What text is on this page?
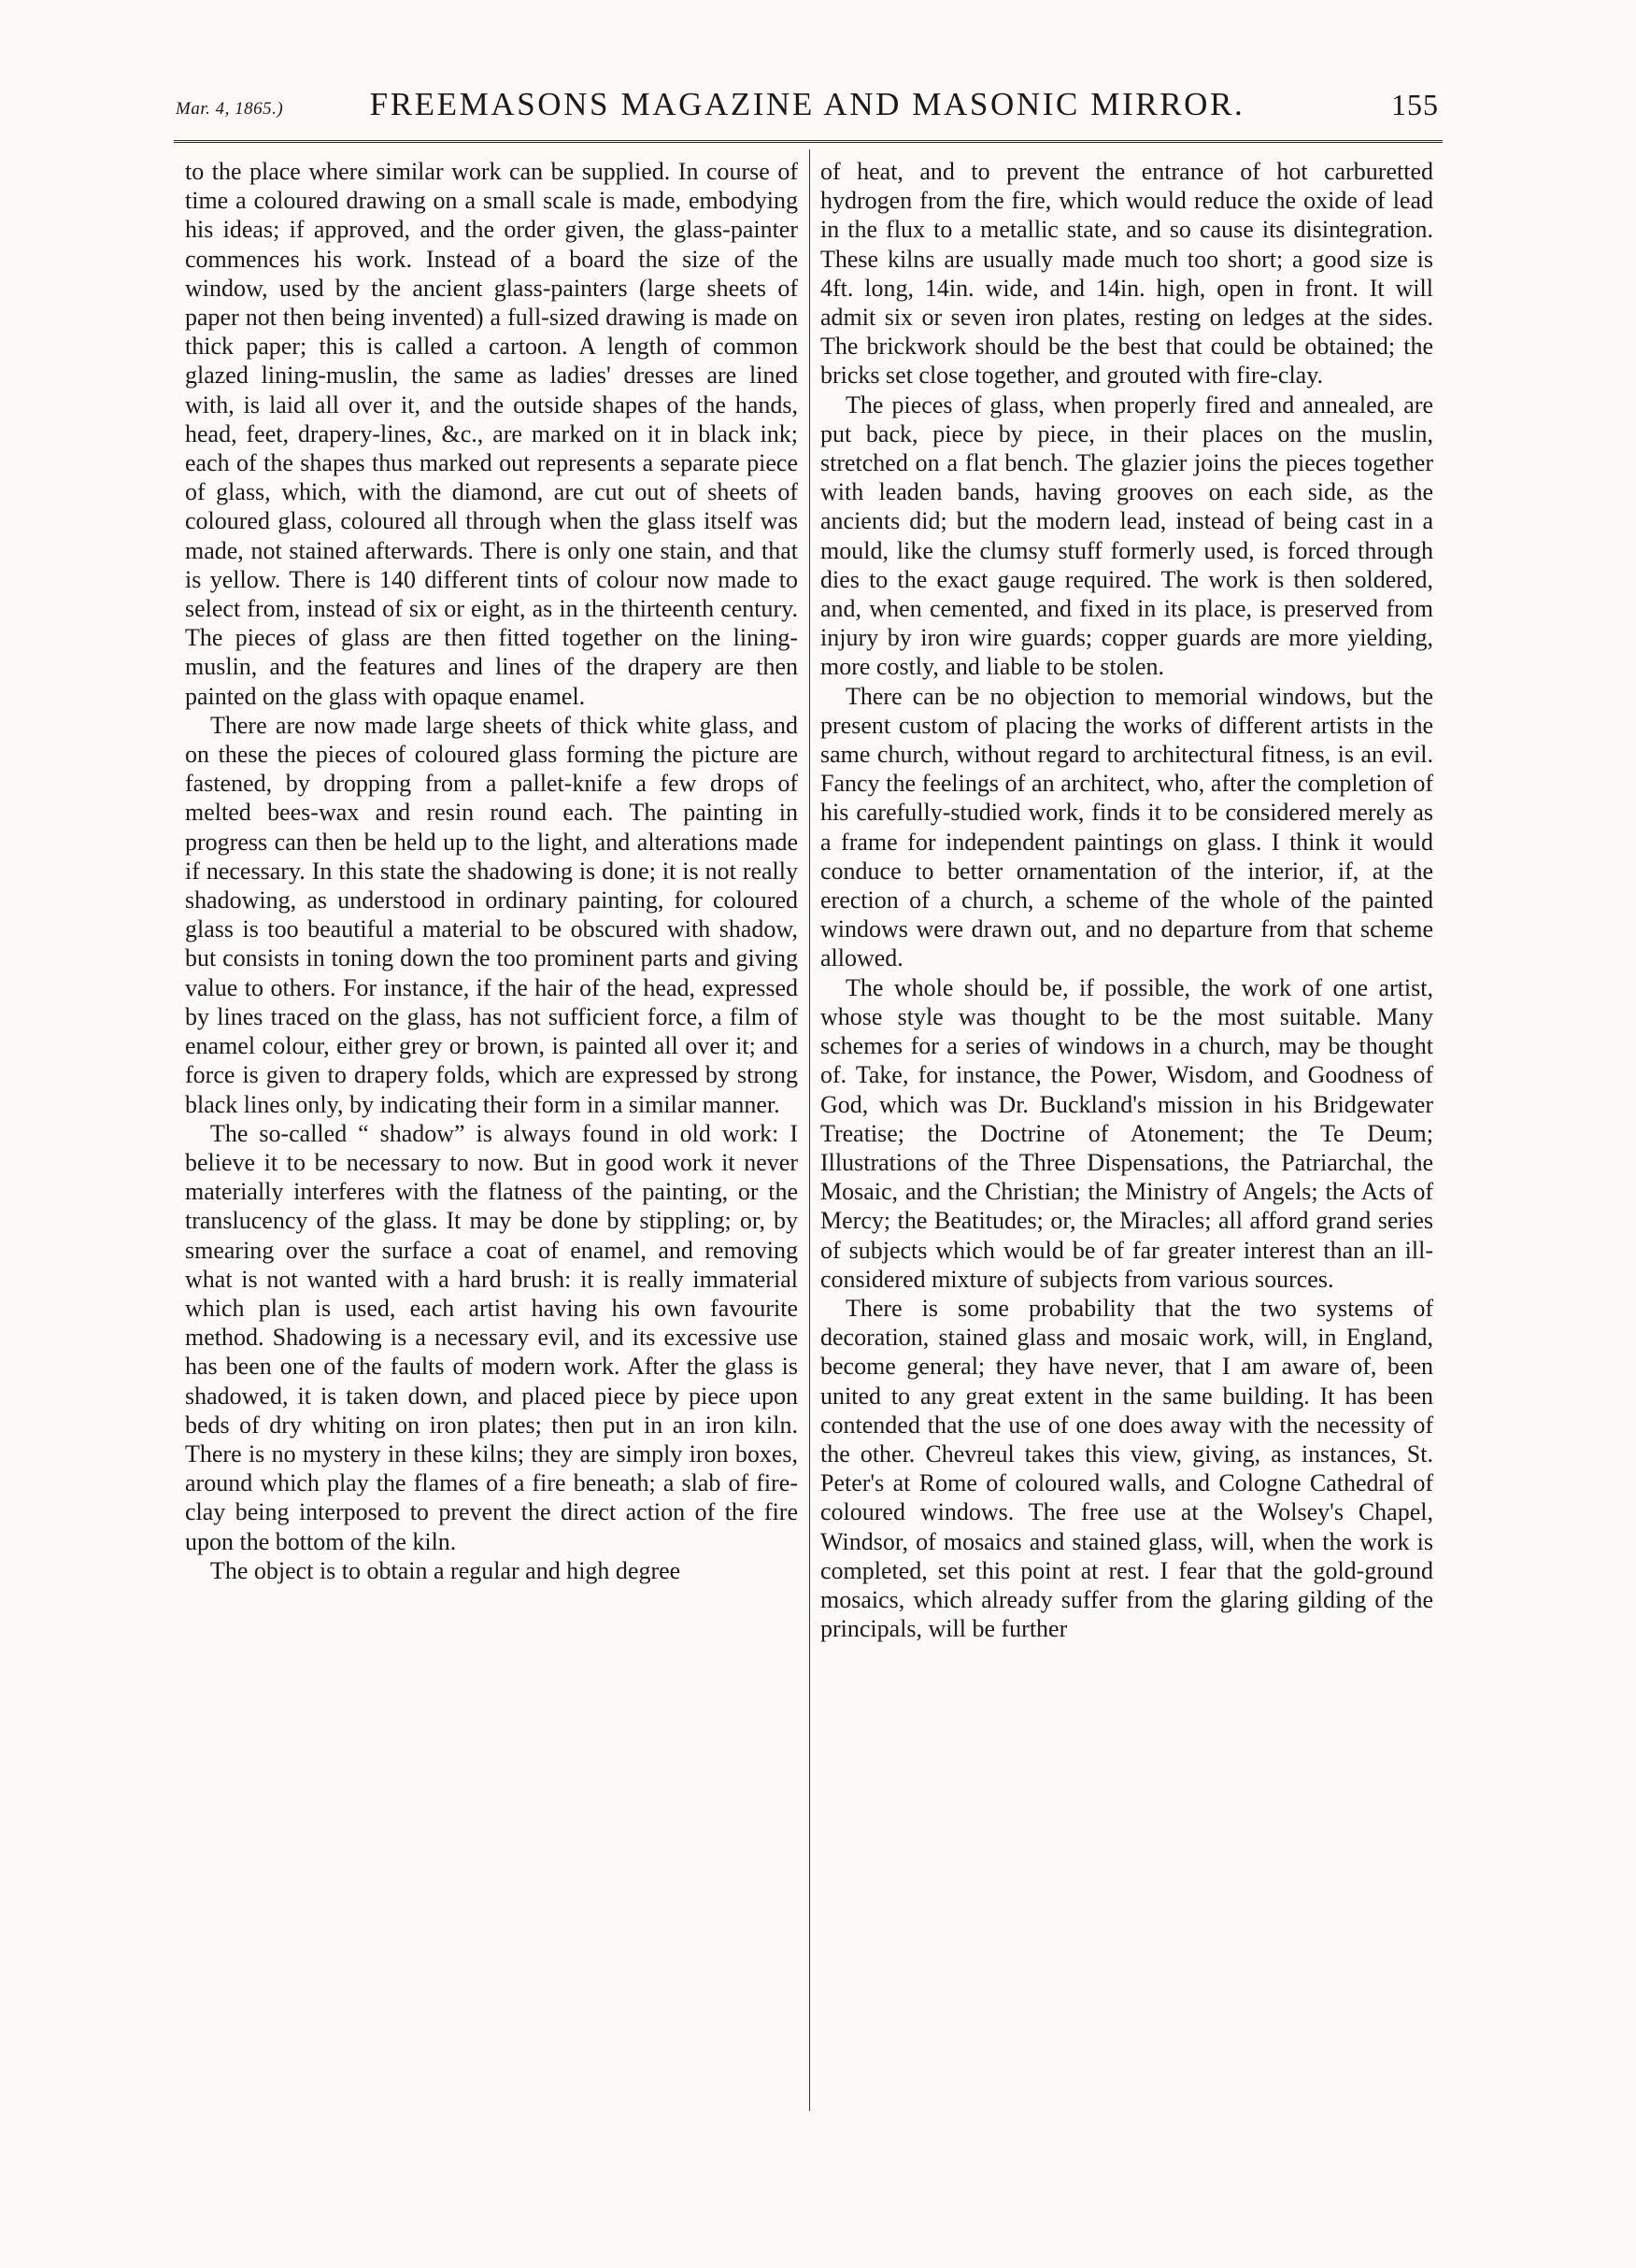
Mar. 4, 1865.)	FREEMASONS MAGAZINE AND MASONIC MIRROR.	155

to the place where similar work can be supplied. In course of time a coloured drawing on a small scale is made, embodying his ideas; if approved, and the order given, the glass-painter commences his work. Instead of a board the size of the window, used by the ancient glass-painters (large sheets of paper not then being invented) a full-sized drawing is made on thick paper; this is called a cartoon. A length of common glazed lining-muslin, the same as ladies' dresses are lined with, is laid all over it, and the outside shapes of the hands, head, feet, drapery-lines, &c., are marked on it in black ink; each of the shapes thus marked out represents a separate piece of glass, which, with the diamond, are cut out of sheets of coloured glass, coloured all through when the glass itself was made, not stained afterwards. There is only one stain, and that is yellow. There is 140 different tints of colour now made to select from, instead of six or eight, as in the thirteenth century. The pieces of glass are then fitted together on the lining-muslin, and the features and lines of the drapery are then painted on the glass with opaque enamel.

There are now made large sheets of thick white glass, and on these the pieces of coloured glass forming the picture are fastened, by dropping from a pallet-knife a few drops of melted bees-wax and resin round each. The painting in progress can then be held up to the light, and alterations made if necessary. In this state the shadowing is done; it is not really shadowing, as understood in ordinary painting, for coloured glass is too beautiful a material to be obscured with shadow, but consists in toning down the too prominent parts and giving value to others. For instance, if the hair of the head, expressed by lines traced on the glass, has not sufficient force, a film of enamel colour, either grey or brown, is painted all over it; and force is given to drapery folds, which are expressed by strong black lines only, by indicating their form in a similar manner.

The so-called “ shadow” is always found in old work: I believe it to be necessary to now. But in good work it never materially interferes with the flatness of the painting, or the translucency of the glass. It may be done by stippling; or, by smearing over the surface a coat of enamel, and removing what is not wanted with a hard brush: it is really immaterial which plan is used, each artist having his own favourite method. Shadowing is a necessary evil, and its excessive use has been one of the faults of modern work. After the glass is shadowed, it is taken down, and placed piece by piece upon beds of dry whiting on iron plates; then put in an iron kiln. There is no mystery in these kilns; they are simply iron boxes, around which play the flames of a fire beneath; a slab of fire-clay being interposed to prevent the direct action of the fire upon the bottom of the kiln.

The object is to obtain a regular and high degree

of heat, and to prevent the entrance of hot carburetted hydrogen from the fire, which would reduce the oxide of lead in the flux to a metallic state, and so cause its disintegration. These kilns are usually made much too short; a good size is 4ft. long, 14in. wide, and 14in. high, open in front. It will admit six or seven iron plates, resting on ledges at the sides. The brickwork should be the best that could be obtained; the bricks set close together, and grouted with fire-clay.

The pieces of glass, when properly fired and annealed, are put back, piece by piece, in their places on the muslin, stretched on a flat bench. The glazier joins the pieces together with leaden bands, having grooves on each side, as the ancients did; but the modern lead, instead of being cast in a mould, like the clumsy stuff formerly used, is forced through dies to the exact gauge required. The work is then soldered, and, when cemented, and fixed in its place, is preserved from injury by iron wire guards; copper guards are more yielding, more costly, and liable to be stolen.

There can be no objection to memorial windows, but the present custom of placing the works of different artists in the same church, without regard to architectural fitness, is an evil. Fancy the feelings of an architect, who, after the completion of his carefully-studied work, finds it to be considered merely as a frame for independent paintings on glass. I think it would conduce to better ornamentation of the interior, if, at the erection of a church, a scheme of the whole of the painted windows were drawn out, and no departure from that scheme allowed.

The whole should be, if possible, the work of one artist, whose style was thought to be the most suitable. Many schemes for a series of windows in a church, may be thought of. Take, for instance, the Power, Wisdom, and Goodness of God, which was Dr. Buckland's mission in his Bridgewater Treatise; the Doctrine of Atonement; the Te Deum; Illustrations of the Three Dispensations, the Patriarchal, the Mosaic, and the Christian; the Ministry of Angels; the Acts of Mercy; the Beatitudes; or, the Miracles; all afford grand series of subjects which would be of far greater interest than an ill-considered mixture of subjects from various sources.

There is some probability that the two systems of decoration, stained glass and mosaic work, will, in England, become general; they have never, that I am aware of, been united to any great extent in the same building. It has been contended that the use of one does away with the necessity of the other. Chevreul takes this view, giving, as instances, St. Peter's at Rome of coloured walls, and Cologne Cathedral of coloured windows. The free use at the Wolsey's Chapel, Windsor, of mosaics and stained glass, will, when the work is completed, set this point at rest. I fear that the gold-ground mosaics, which already suffer from the glaring gilding of the principals, will be further
